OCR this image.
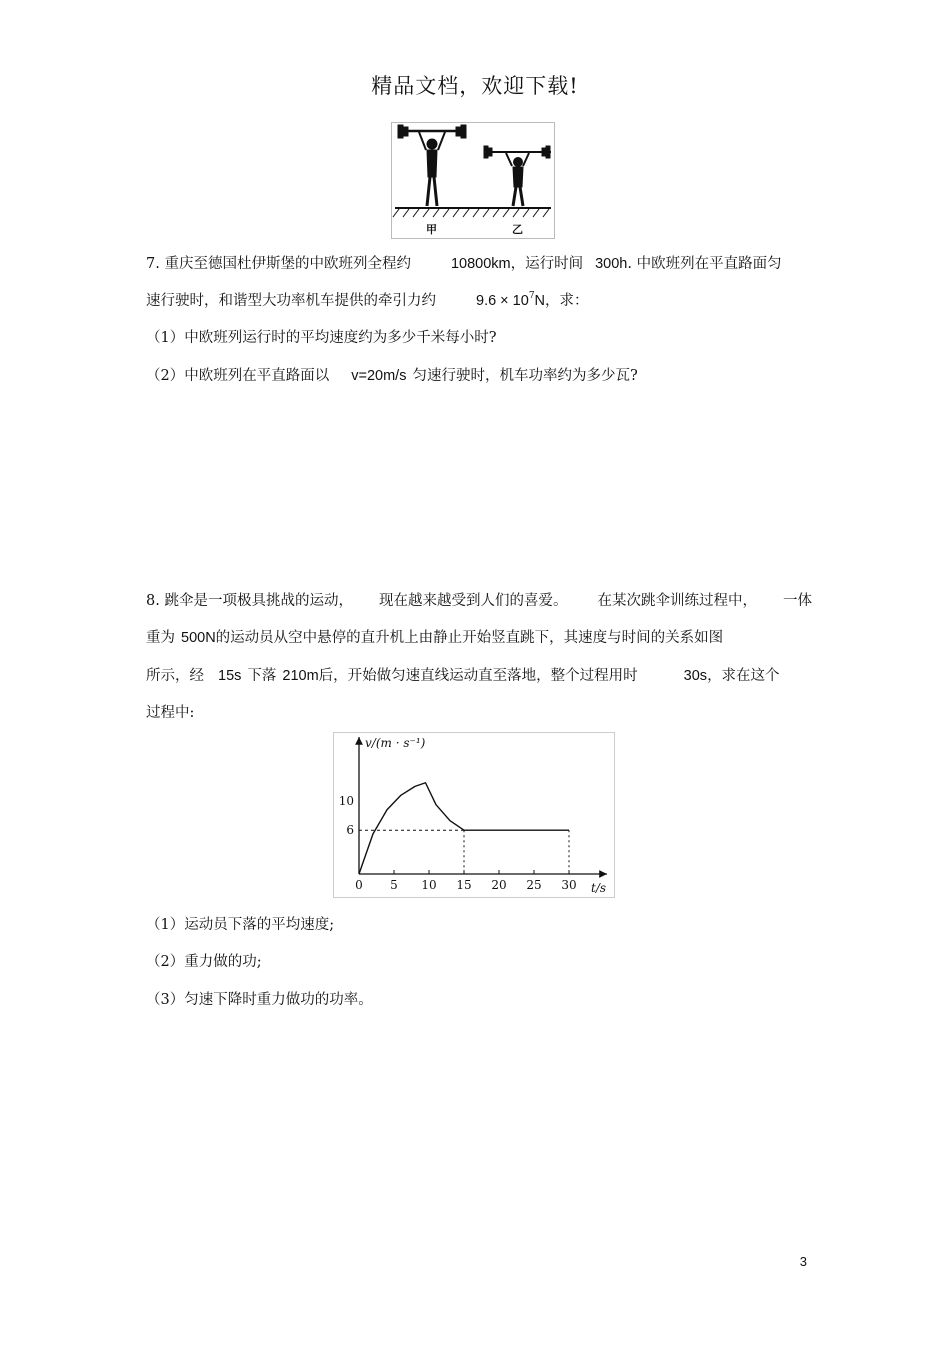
精品文档，欢迎下载!
甲	乙
7. 重庆至德国杜伊斯堡的中欧班列全程约	10800km，运行时间 300h. 中欧班列在平直路面匀
速行驶时，和谐型大功率机车提供的牵引力约	$9.6 \times 10^7N$，求：
（1）中欧班列运行时的平均速度约为多少千米每小时?
（2）中欧班列在平直路面以 v=20m/s 匀速行驶时，机车功率约为多少瓦?
8. 跳伞是一项极具挑战的运动， 现在越来越受到人们的喜爱。 在某次跳伞训练过程中， 一体
重为 500N的运动员从空中悬停的直升机上由静止开始竖直跳下，其速度与时间的关系如图
所示，经 15s 下落 210m后，开始做匀速直线运动直至落地，整个过程用时	30s，求在这个
过程中:
v/(m · s⁻¹)
t/s
0 5 10 15 20 25 30
6
10
（1）运动员下落的平均速度;
（2）重力做的功;
（3）匀速下降时重力做功的功率。
3
